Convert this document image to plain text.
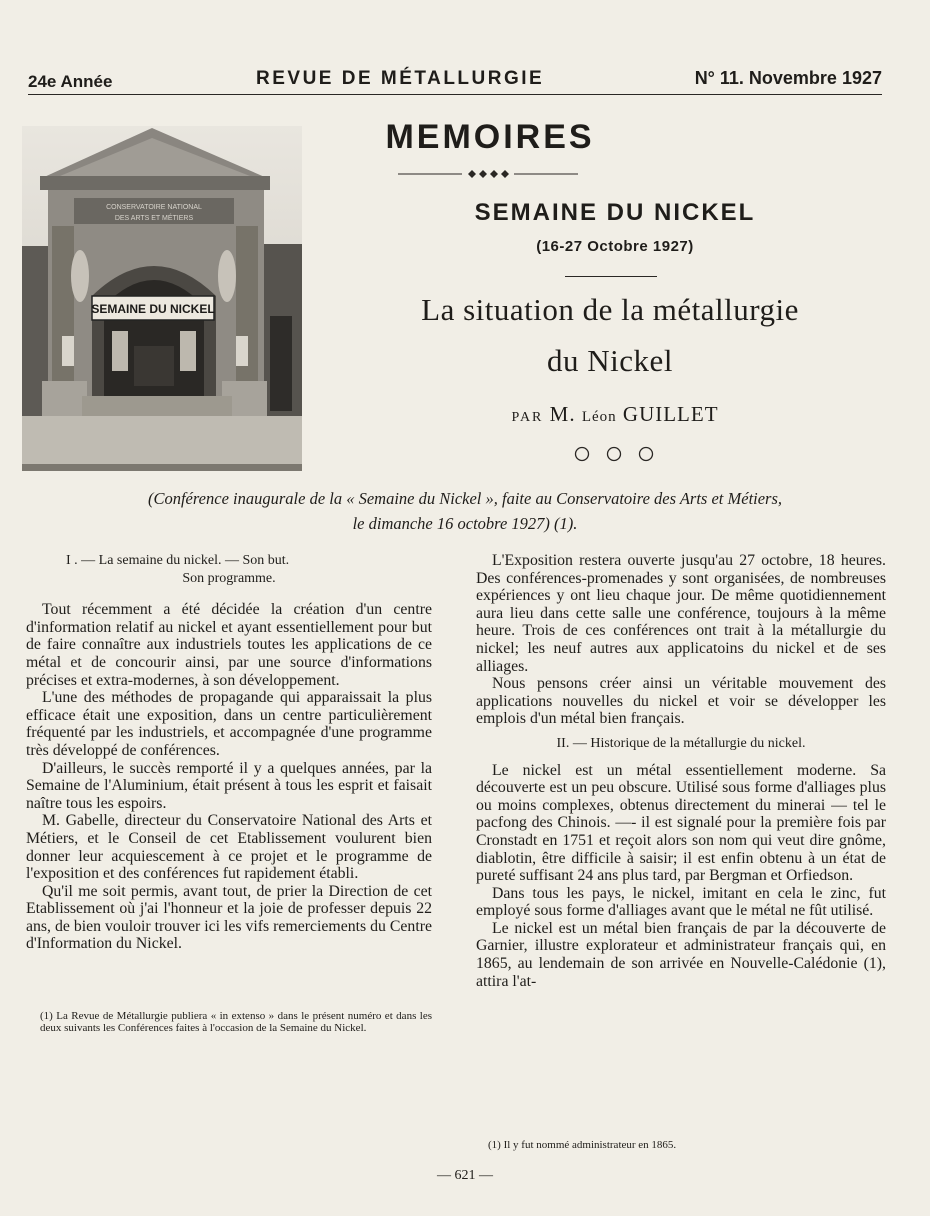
24e Année	REVUE DE MÉTALLURGIE	N° 11. Novembre 1927
CONSERVATOIRE NATIONAL
DES ARTS ET MÉTIERS
SEMAINE DU NICKEL
MEMOIRES
SEMAINE DU NICKEL
(16-27 Octobre 1927)
La situation de la métallurgie
du Nickel
PAR M. Léon GUILLET
(Conférence inaugurale de la « Semaine du Nickel », faite au Conservatoire des Arts et Métiers,
le dimanche 16 octobre 1927) (1).

I . — La semaine du nickel. — Son but.

Son programme.

Tout récemment a été décidée la création d'un centre d'information relatif au nickel et ayant essentiellement pour but de faire connaître aux industriels toutes les applications de ce métal et de concourir ainsi, par une source d'informations précises et extra-modernes, à son développement.

L'une des méthodes de propagande qui apparaissait la plus efficace était une exposition, dans un centre particulièrement fréquenté par les industriels, et accompagnée d'une programme très développé de conférences.

D'ailleurs, le succès remporté il y a quelques années, par la Semaine de l'Aluminium, était présent à tous les esprit et faisait naître tous les espoirs.

M. Gabelle, directeur du Conservatoire National des Arts et Métiers, et le Conseil de cet Etablissement voulurent bien donner leur acquiescement à ce projet et le programme de l'exposition et des conférences fut rapidement établi.

Qu'il me soit permis, avant tout, de prier la Direction de cet Etablissement où j'ai l'honneur et la joie de professer depuis 22 ans, de bien vouloir trouver ici les vifs remerciements du Centre d'Information du Nickel.

(1) La Revue de Métallurgie publiera « in extenso » dans le présent numéro et dans les deux suivants les Conférences faites à l'occasion de la Semaine du Nickel.

L'Exposition restera ouverte jusqu'au 27 octobre, 18 heures. Des conférences-promenades y sont organisées, de nombreuses expériences y ont lieu chaque jour. De même quotidiennement aura lieu dans cette salle une conférence, toujours à la même heure. Trois de ces conférences ont trait à la métallurgie du nickel; les neuf autres aux applicatoins du nickel et de ses alliages.

Nous pensons créer ainsi un véritable mouvement des applications nouvelles du nickel et voir se développer les emplois d'un métal bien français.

II. — Historique de la métallurgie du nickel.

Le nickel est un métal essentiellement moderne. Sa découverte est un peu obscure. Utilisé sous forme d'alliages plus ou moins complexes, obtenus directement du minerai — tel le pacfong des Chinois. —- il est signalé pour la première fois par Cronstadt en 1751 et reçoit alors son nom qui veut dire gnôme, diablotin, être difficile à saisir; il est enfin obtenu à un état de pureté suffisant 24 ans plus tard, par Bergman et Orfiedson.

Dans tous les pays, le nickel, imitant en cela le zinc, fut employé sous forme d'alliages avant que le métal ne fût utilisé.

Le nickel est un métal bien français de par la découverte de Garnier, illustre explorateur et administrateur français qui, en 1865, au lendemain de son arrivée en Nouvelle-Calédonie (1), attira l'at-

(1) Il y fut nommé administrateur en 1865.
— 621 —
